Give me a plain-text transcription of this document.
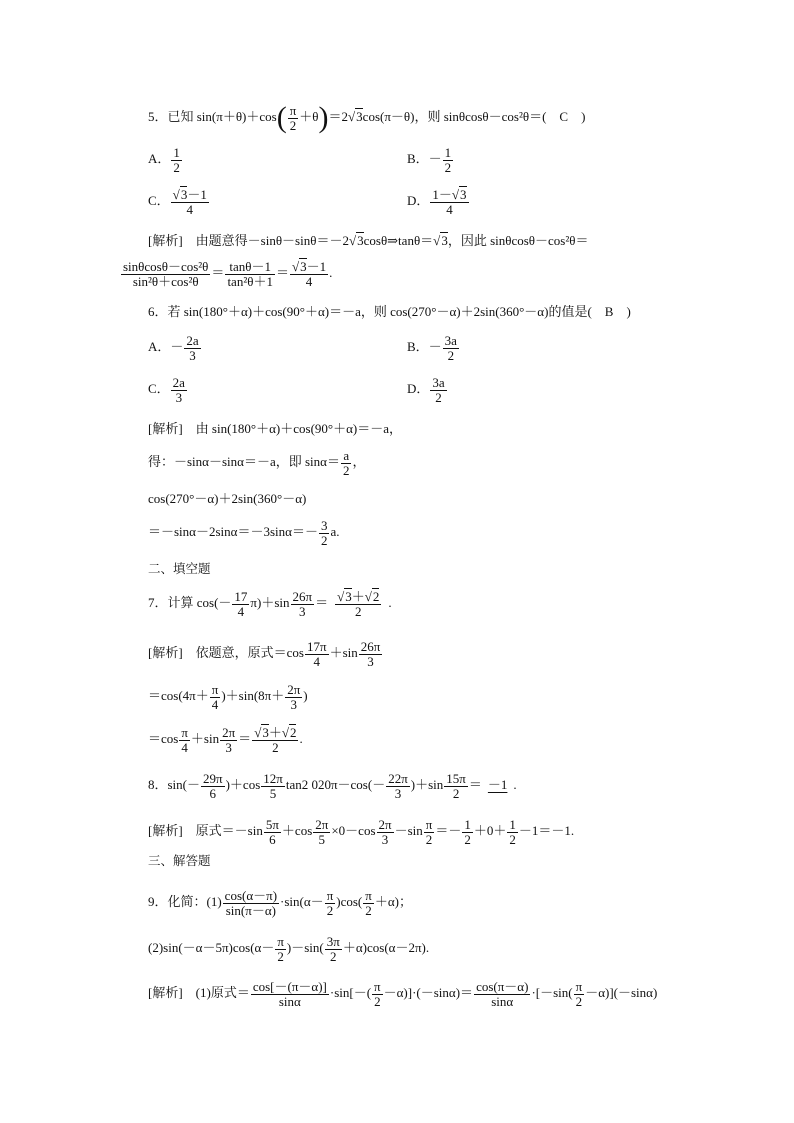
5．已知 $\sin(\pi+\theta)+\cos( \frac{\pi}{2} +\theta)=2√3\cos(\pi-\theta)$，则 sinθcosθ－cos²θ＝(　C　)
A． $\frac{1}{2}$	B．－ $\frac{1}{2}$
C． $\frac{√3-1}{4}$	D． $\frac{1-√3}{4}$
[解析]　由题意得－sinθ－sinθ＝－2√3cosθ⇒tanθ＝√3，因此 sinθcosθ－cos²θ＝
$\frac{\text{sinθcosθ－cos²θ}}{\text{sin²θ＋cos²θ}} = \frac{\tan\theta-1}{\text{tan²θ＋1}} = \frac{√3-1}{4}$ .
6．若 sin(180°＋α)＋cos(90°＋α)＝－a，则 cos(270°－α)＋2sin(360°－α)的值是(　B　)
A．－ $\frac{2a}{3}$	B．－ $\frac{3a}{2}$
C． $\frac{2a}{3}$	D． $\frac{3a}{2}$
[解析]　由 sin(180°＋α)＋cos(90°＋α)＝－a，
得：－sinα－sinα＝－a，即 $\sin\alpha= \frac{a}{2}$ ，
cos(270°－α)＋2sin(360°－α)
$=-\sin\alpha-2\sin\alpha=-3\sin\alpha=- \frac{3}{2} a$.
二、填空题
7．计算 $\cos(- \frac{17}{4} \pi)+\sin \frac{26\pi}{3} = \frac{√3+√2}{2}$ .
[解析]　依题意，原式$=\cos \frac{17\pi}{4} +\sin \frac{26\pi}{3}$
$=\cos(4\pi+ \frac{\pi}{4} )+\sin(8\pi+ \frac{2\pi}{3}$ )
$=\cos \frac{\pi}{4} +\sin \frac{2\pi}{3} = \frac{√3+√2}{2}$ .
8．$\sin(- \frac{29\pi}{6} )+\cos \frac{12\pi}{5} \tan 2$ $020\pi-\cos(- \frac{22\pi}{3} )+\sin \frac{15\pi}{2} = -1$ .
[解析]　原式$=-\sin \frac{5\pi}{6} +\cos \frac{2\pi}{5} \times 0-\cos \frac{2\pi}{3} -\sin \frac{\pi}{2} =- \frac{1}{2} +0+ \frac{1}{2} -1=-1$.
三、解答题
9．化简：$(1) \frac{\cos(\alpha-\pi)}{\sin(\pi-\alpha)} \cdot\sin(\alpha- \frac{\pi}{2} )\cos( \frac{\pi}{2} +\alpha)$；
$(2)\sin(-\alpha-5\pi)\cos(\alpha- \frac{\pi}{2} )-\sin( \frac{3\pi}{2} +\alpha)\cos(\alpha-2\pi)$.
[解析]　(1)原式＝ $\frac{\cos[-(\pi-\alpha)]}{\sin\alpha} \cdot\sin[-( \frac{\pi}{2} -\alpha)]\cdot(-\sin\alpha)= \frac{\cos(\pi-\alpha)}{\sin\alpha} \cdot[-\sin( \frac{\pi}{2} -\alpha)](-\sin\alpha)$
